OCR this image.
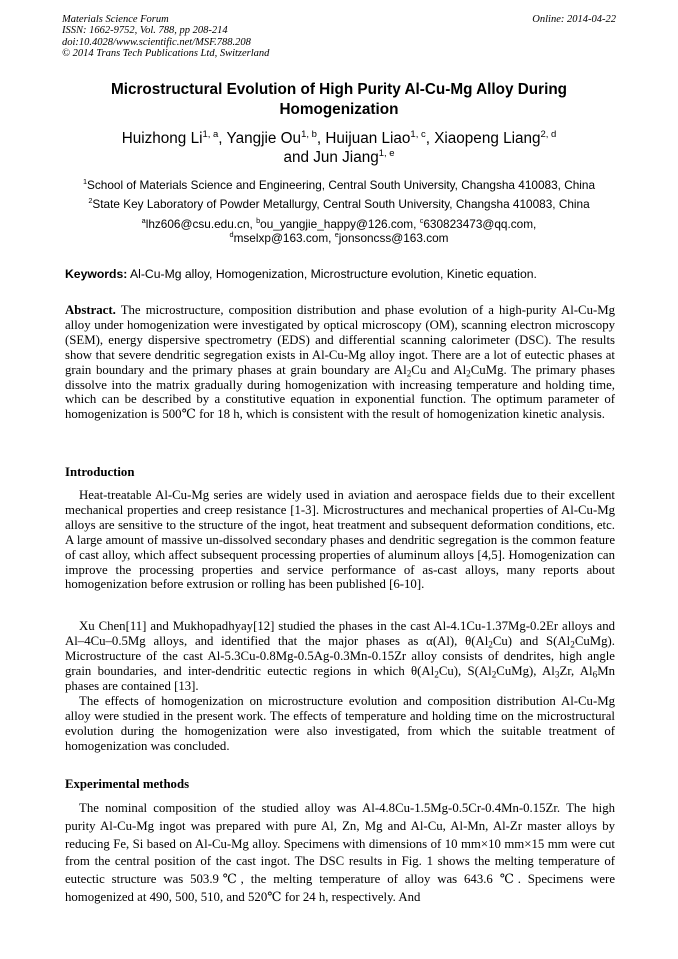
Materials Science Forum
ISSN: 1662-9752, Vol. 788, pp 208-214
doi:10.4028/www.scientific.net/MSF.788.208
© 2014 Trans Tech Publications Ltd, Switzerland
Online: 2014-04-22
Microstructural Evolution of High Purity Al-Cu-Mg Alloy During Homogenization
Huizhong Li$^{1, a}$, Yangjie Ou$^{1, b}$, Huijuan Liao$^{1, c}$, Xiaopeng Liang$^{2, d}$
and Jun Jiang$^{1, e}$
$^1$School of Materials Science and Engineering, Central South University, Changsha 410083, China
$^2$State Key Laboratory of Powder Metallurgy, Central South University, Changsha 410083, China
$^a$lhz606@csu.edu.cn, $^b$ou_yangjie_happy@126.com, $^c$630823473@qq.com,
$^d$mselxp@163.com, $^e$jonsoncss@163.com
Keywords: Al-Cu-Mg alloy, Homogenization, Microstructure evolution, Kinetic equation.
Abstract. The microstructure, composition distribution and phase evolution of a high-purity Al-Cu-Mg alloy under homogenization were investigated by optical microscopy (OM), scanning electron microscopy (SEM), energy dispersive spectrometry (EDS) and differential scanning calorimeter (DSC). The results show that severe dendritic segregation exists in Al-Cu-Mg alloy ingot. There are a lot of eutectic phases at grain boundary and the primary phases at grain boundary are $Al_2Cu$ and $Al_2CuMg$. The primary phases dissolve into the matrix gradually during homogenization with increasing temperature and holding time, which can be described by a constitutive equation in exponential function. The optimum parameter of homogenization is 500℃ for 18 h, which is consistent with the result of homogenization kinetic analysis.
Introduction
Heat-treatable Al-Cu-Mg series are widely used in aviation and aerospace fields due to their excellent mechanical properties and creep resistance [1-3]. Microstructures and mechanical properties of Al-Cu-Mg alloys are sensitive to the structure of the ingot, heat treatment and subsequent deformation conditions, etc. A large amount of massive un-dissolved secondary phases and dendritic segregation is the common feature of cast alloy, which affect subsequent processing properties of aluminum alloys [4,5]. Homogenization can improve the processing properties and service performance of as-cast alloys, many reports about homogenization before extrusion or rolling has been published [6-10].
Xu Chen[11] and Mukhopadhyay[12] studied the phases in the cast Al-4.1Cu-1.37Mg-0.2Er alloys and Al–4Cu–0.5Mg alloys, and identified that the major phases as α(Al), $\theta(Al_2Cu)$ and $S(Al_2CuMg)$. Microstructure of the cast Al-5.3Cu-0.8Mg-0.5Ag-0.3Mn-0.15Zr alloy consists of dendrites, high angle grain boundaries, and inter-dendritic eutectic regions in which $\theta(Al_2Cu)$, $S(Al_2CuMg)$, $Al_3Zr$, $Al_6Mn$ phases are contained [13].
The effects of homogenization on microstructure evolution and composition distribution Al-Cu-Mg alloy were studied in the present work. The effects of temperature and holding time on the microstructural evolution during the homogenization were also investigated, from which the suitable treatment of homogenization was concluded.
Experimental methods
The nominal composition of the studied alloy was Al-4.8Cu-1.5Mg-0.5Cr-0.4Mn-0.15Zr. The high purity Al-Cu-Mg ingot was prepared with pure Al, Zn, Mg and Al-Cu, Al-Mn, Al-Zr master alloys by reducing Fe, Si based on Al-Cu-Mg alloy. Specimens with dimensions of 10 mm×10 mm×15 mm were cut from the central position of the cast ingot. The DSC results in Fig. 1 shows the melting temperature of eutectic structure was 503.9℃, the melting temperature of alloy was 643.6 ℃. Specimens were homogenized at 490, 500, 510, and 520℃ for 24 h, respectively. And
